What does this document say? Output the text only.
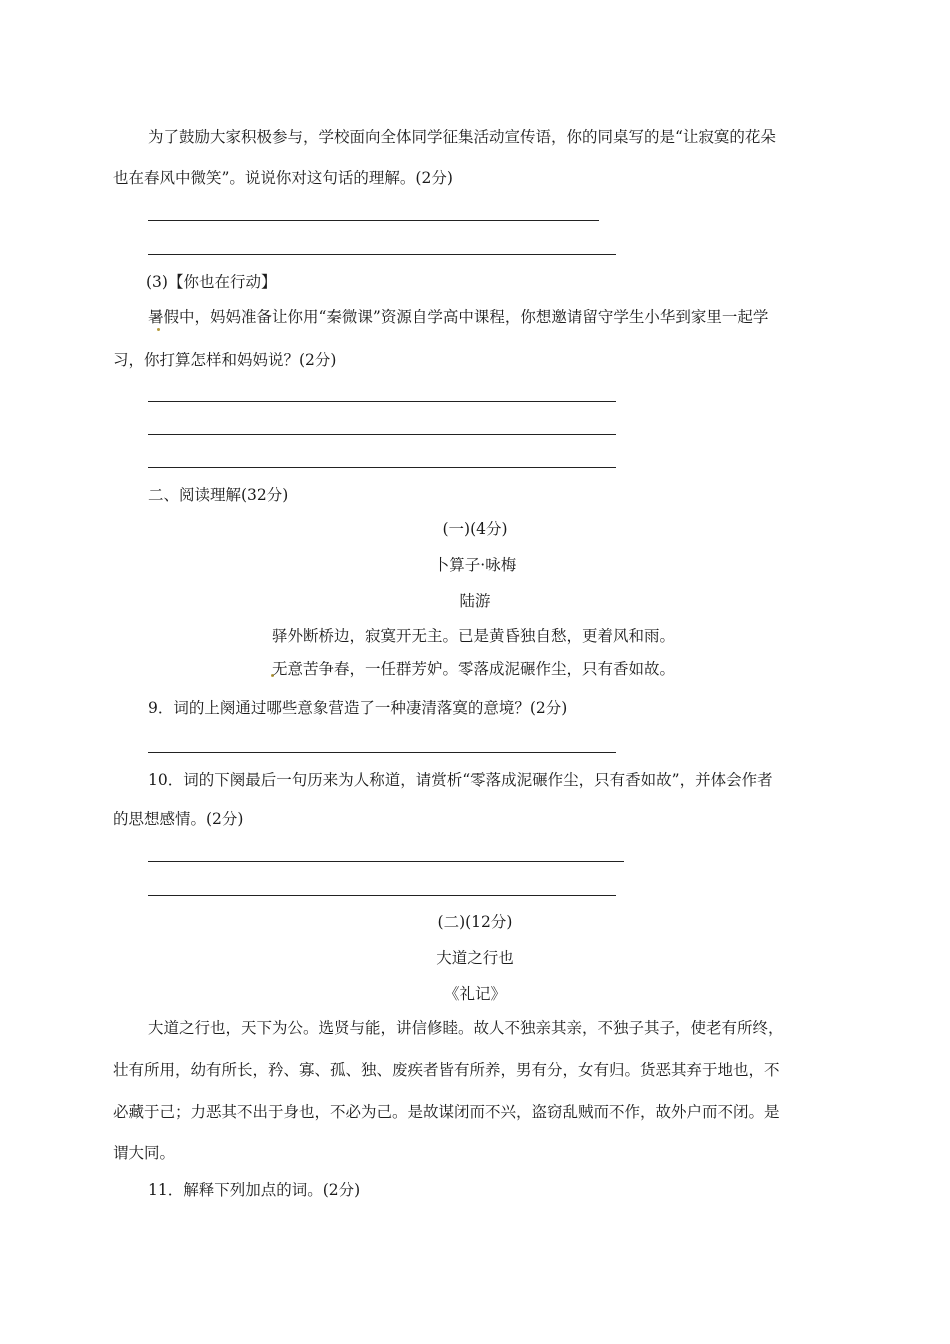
为了鼓励大家积极参与，学校面向全体同学征集活动宣传语，你的同桌写的是“让寂寞的花朵

也在春风中微笑”。说说你对这句话的理解。(2分)

(3)【你也在行动】

暑假中，妈妈准备让你用“秦微课”资源自学高中课程，你想邀请留守学生小华到家里一起学

习，你打算怎样和妈妈说？(2分)

二、阅读理解(32分)

(一)(4分)

卜算子·咏梅

陆游

驿外断桥边，寂寞开无主。已是黄昏独自愁，更着风和雨。

无意苦争春，一任群芳妒。零落成泥碾作尘，只有香如故。

9．词的上阕通过哪些意象营造了一种凄清落寞的意境？(2分)

10．词的下阕最后一句历来为人称道，请赏析“零落成泥碾作尘，只有香如故”，并体会作者

的思想感情。(2分)

(二)(12分)

大道之行也

《礼记》

大道之行也，天下为公。选贤与能，讲信修睦。故人不独亲其亲，不独子其子，使老有所终，

壮有所用，幼有所长，矜、寡、孤、独、废疾者皆有所养，男有分，女有归。货恶其弃于地也，不

必藏于己；力恶其不出于身也，不必为己。是故谋闭而不兴，盗窃乱贼而不作，故外户而不闭。是

谓大同。

11．解释下列加点的词。(2分)
